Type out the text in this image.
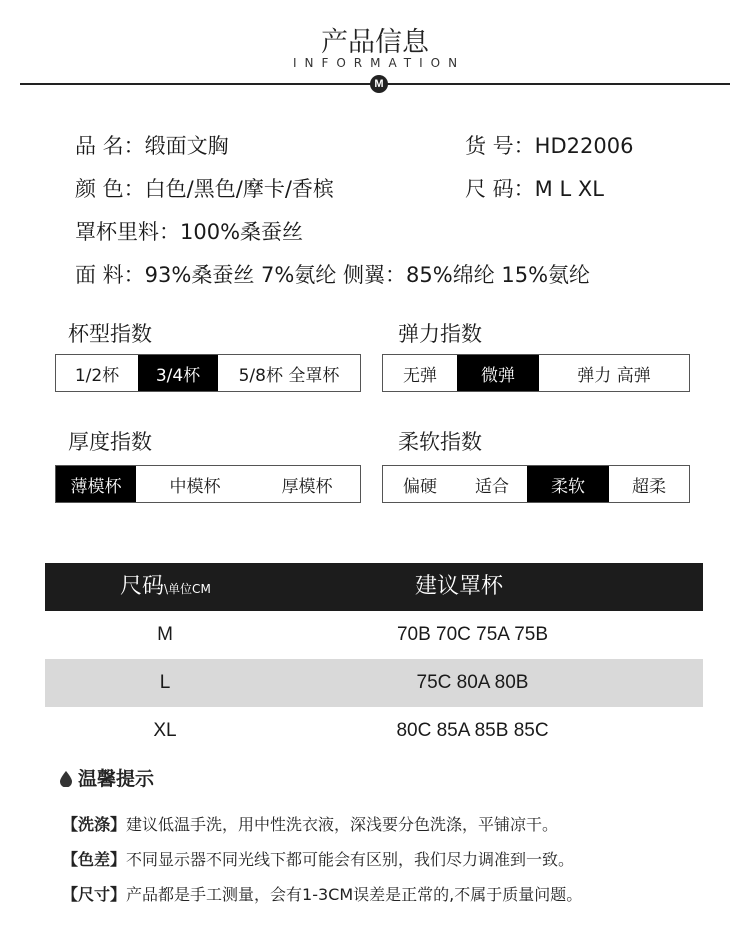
产品信息
INFORMATION
M
品 名：缎面文胸	货 号：HD22006
颜 色：白色/黑色/摩卡/香槟	尺 码：M L XL
罩杯里料：100%桑蚕丝
面 料：93%桑蚕丝 7%氨纶 侧翼：85%绵纶 15%氨纶
杯型指数
1/2杯	3/4杯	5/8杯 全罩杯
弹力指数
无弹	微弹	弹力 高弹
厚度指数
薄模杯	中模杯	厚模杯
柔软指数
偏硬	适合	柔软	超柔
尺码\单位CM	建议罩杯
M	70B 70C 75A 75B
L	75C 80A 80B
XL	80C 85A 85B 85C
温馨提示
【洗涤】建议低温手洗，用中性洗衣液，深浅要分色洗涤，平铺凉干。
【色差】不同显示器不同光线下都可能会有区别，我们尽力调准到一致。
【尺寸】产品都是手工测量，会有1-3CM误差是正常的,不属于质量问题。
